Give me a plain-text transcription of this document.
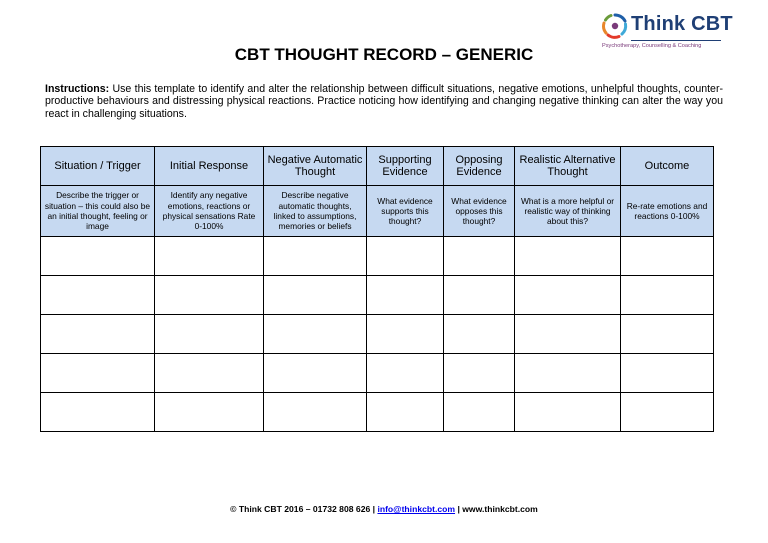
Think CBT
Psychotherapy, Counselling & Coaching
CBT THOUGHT RECORD – GENERIC

Instructions: Use this template to identify and alter the relationship between difficult situations, negative emotions, unhelpful thoughts, counter-productive behaviours and distressing physical reactions. Practice noticing how identifying and changing negative thinking can alter the way you react in challenging situations.

Situation / Trigger	Initial Response	Negative Automatic Thought	Supporting Evidence	Opposing Evidence	Realistic Alternative Thought	Outcome
Describe the trigger or situation – this could also be an initial thought, feeling or image	Identify any negative emotions, reactions or physical sensations Rate 0-100%	Describe negative automatic thoughts, linked to assumptions, memories or beliefs	What evidence supports this thought?	What evidence opposes this thought?	What is a more helpful or realistic way of thinking about this?	Re-rate emotions and reactions 0-100%

© Think CBT 2016 – 01732 808 626 | info@thinkcbt.com | www.thinkcbt.com
